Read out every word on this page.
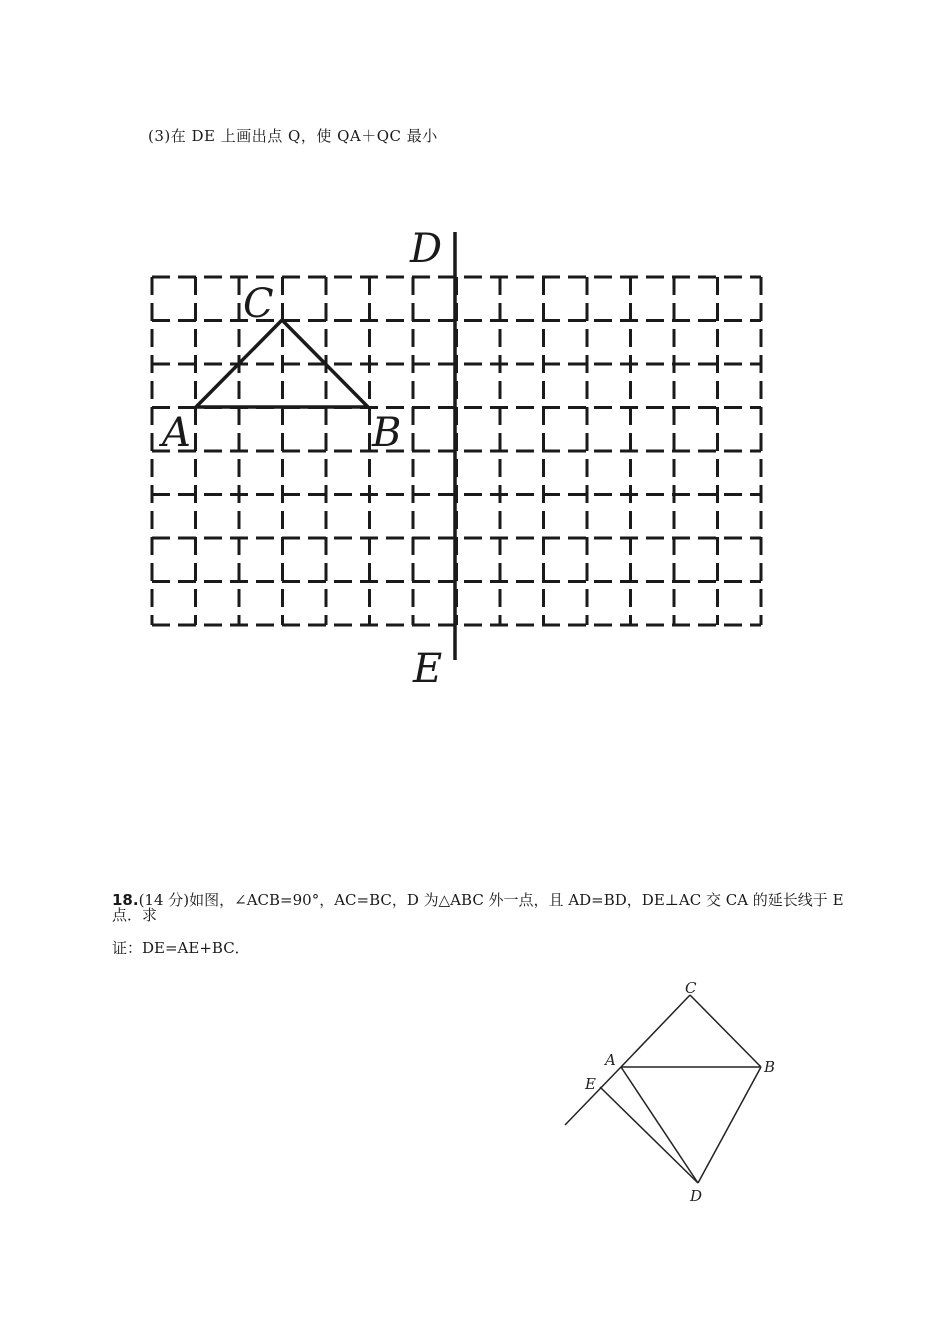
(3)在 DE 上画出点 Q，使 QA＋QC 最小
D
C
A	B
E
18.(14 分)如图，∠ACB=90°，AC=BC，D 为△ABC 外一点，且 AD=BD，DE⊥AC 交 CA 的延长线于 E 点．求
证：DE=AE+BC．
C
A	B
E
D
